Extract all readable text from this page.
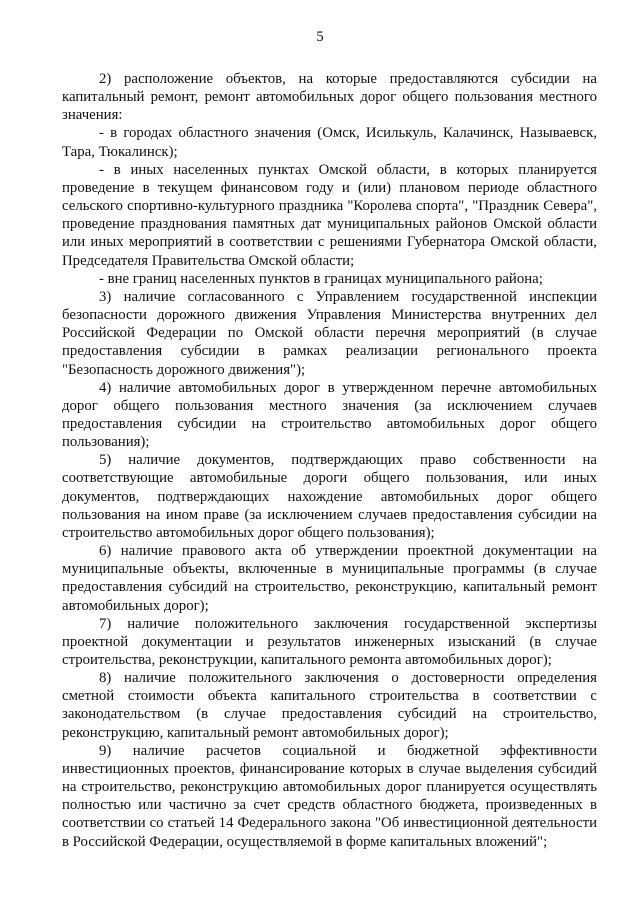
5

2) расположение объектов, на которые предоставляются субсидии на капитальный ремонт, ремонт автомобильных дорог общего пользования местного значения:

- в городах областного значения (Омск, Исилькуль, Калачинск, Называевск, Тара, Тюкалинск);

- в иных населенных пунктах Омской области, в которых планируется проведение в текущем финансовом году и (или) плановом периоде областного сельского спортивно-культурного праздника "Королева спорта", "Праздник Севера", проведение празднования памятных дат муниципальных районов Омской области или иных мероприятий в соответствии с решениями Губернатора Омской области, Председателя Правительства Омской области;

- вне границ населенных пунктов в границах муниципального района;

3) наличие согласованного с Управлением государственной инспекции безопасности дорожного движения Управления Министерства внутренних дел Российской Федерации по Омской области перечня мероприятий (в случае предоставления субсидии в рамках реализации регионального проекта "Безопасность дорожного движения");

4) наличие автомобильных дорог в утвержденном перечне автомобильных дорог общего пользования местного значения (за исключением случаев предоставления субсидии на строительство автомобильных дорог общего пользования);

5) наличие документов, подтверждающих право собственности на соответствующие автомобильные дороги общего пользования, или иных документов, подтверждающих нахождение автомобильных дорог общего пользования на ином праве (за исключением случаев предоставления субсидии на строительство автомобильных дорог общего пользования);

6) наличие правового акта об утверждении проектной документации на муниципальные объекты, включенные в муниципальные программы (в случае предоставления субсидий на строительство, реконструкцию, капитальный ремонт автомобильных дорог);

7) наличие положительного заключения государственной экспертизы проектной документации и результатов инженерных изысканий (в случае строительства, реконструкции, капитального ремонта автомобильных дорог);

8) наличие положительного заключения о достоверности определения сметной стоимости объекта капитального строительства в соответствии с законодательством (в случае предоставления субсидий на строительство, реконструкцию, капитальный ремонт автомобильных дорог);

9) наличие расчетов социальной и бюджетной эффективности инвестиционных проектов, финансирование которых в случае выделения субсидий на строительство, реконструкцию автомобильных дорог планируется осуществлять полностью или частично за счет средств областного бюджета, произведенных в соответствии со статьей 14 Федерального закона "Об инвестиционной деятельности в Российской Федерации, осуществляемой в форме капитальных вложений";
